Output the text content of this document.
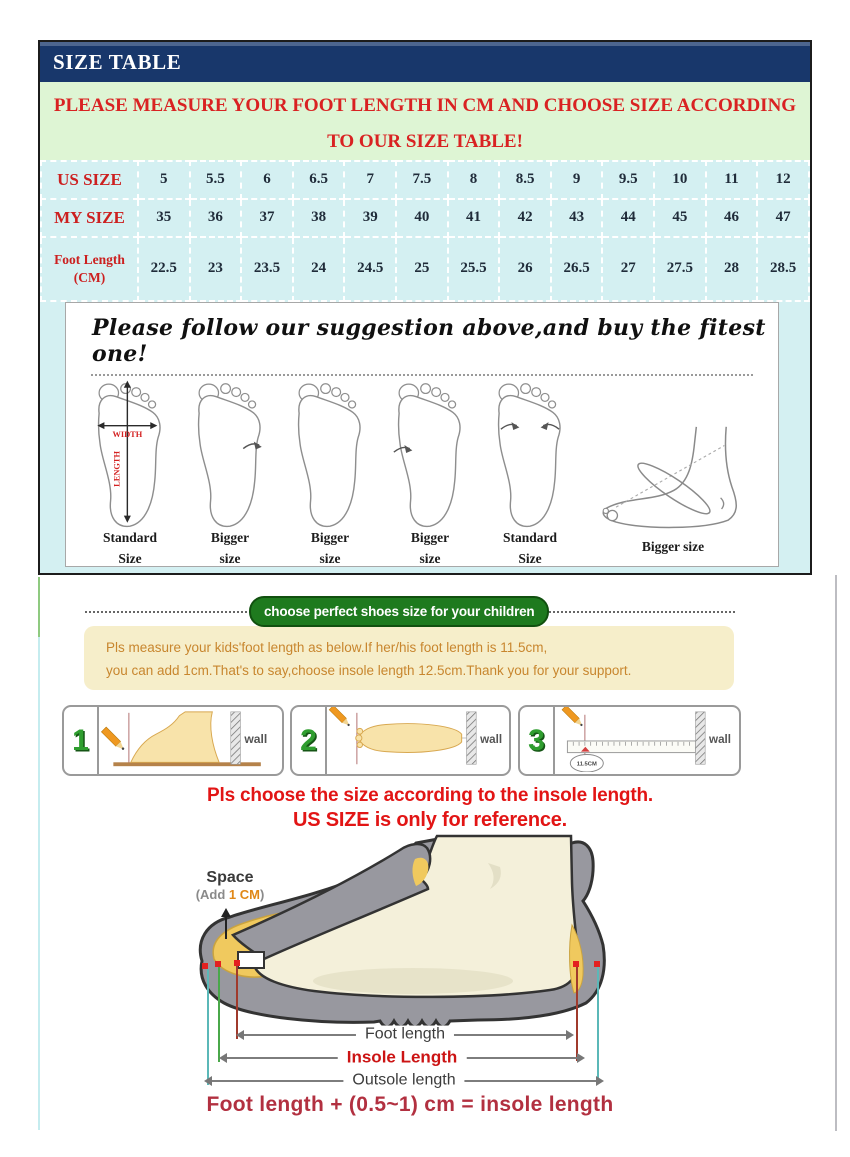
SIZE TABLE
PLEASE MEASURE YOUR FOOT LENGTH IN CM AND CHOOSE SIZE ACCORDING
TO OUR SIZE TABLE!
US SIZE	5	5.5	6	6.5	7	7.5	8	8.5	9	9.5	10	11	12
MY SIZE	35	36	37	38	39	40	41	42	43	44	45	46	47

Foot Length
(CM)	22.5	23	23.5	24	24.5	25	25.5	26	26.5	27	27.5	28	28.5
Please follow our suggestion above,and buy the fitest one!
WIDTH
LENGTH
Standard
Size
Bigger
size
Bigger
size
Bigger
size
Standard
Size
Bigger size
choose perfect shoes size for your children
Pls measure your kids'foot length as below.If her/his foot length is 11.5cm,
you can add 1cm.That's to say,choose insole length 12.5cm.Thank you for your support.
1	wall 2	wall 3
11.5CM
wall
Pls choose the size according to the insole length.
US SIZE is only for reference.
Space
(Add 1 CM)
Foot length
Insole Length
Outsole length
Foot length + (0.5~1) cm = insole length
